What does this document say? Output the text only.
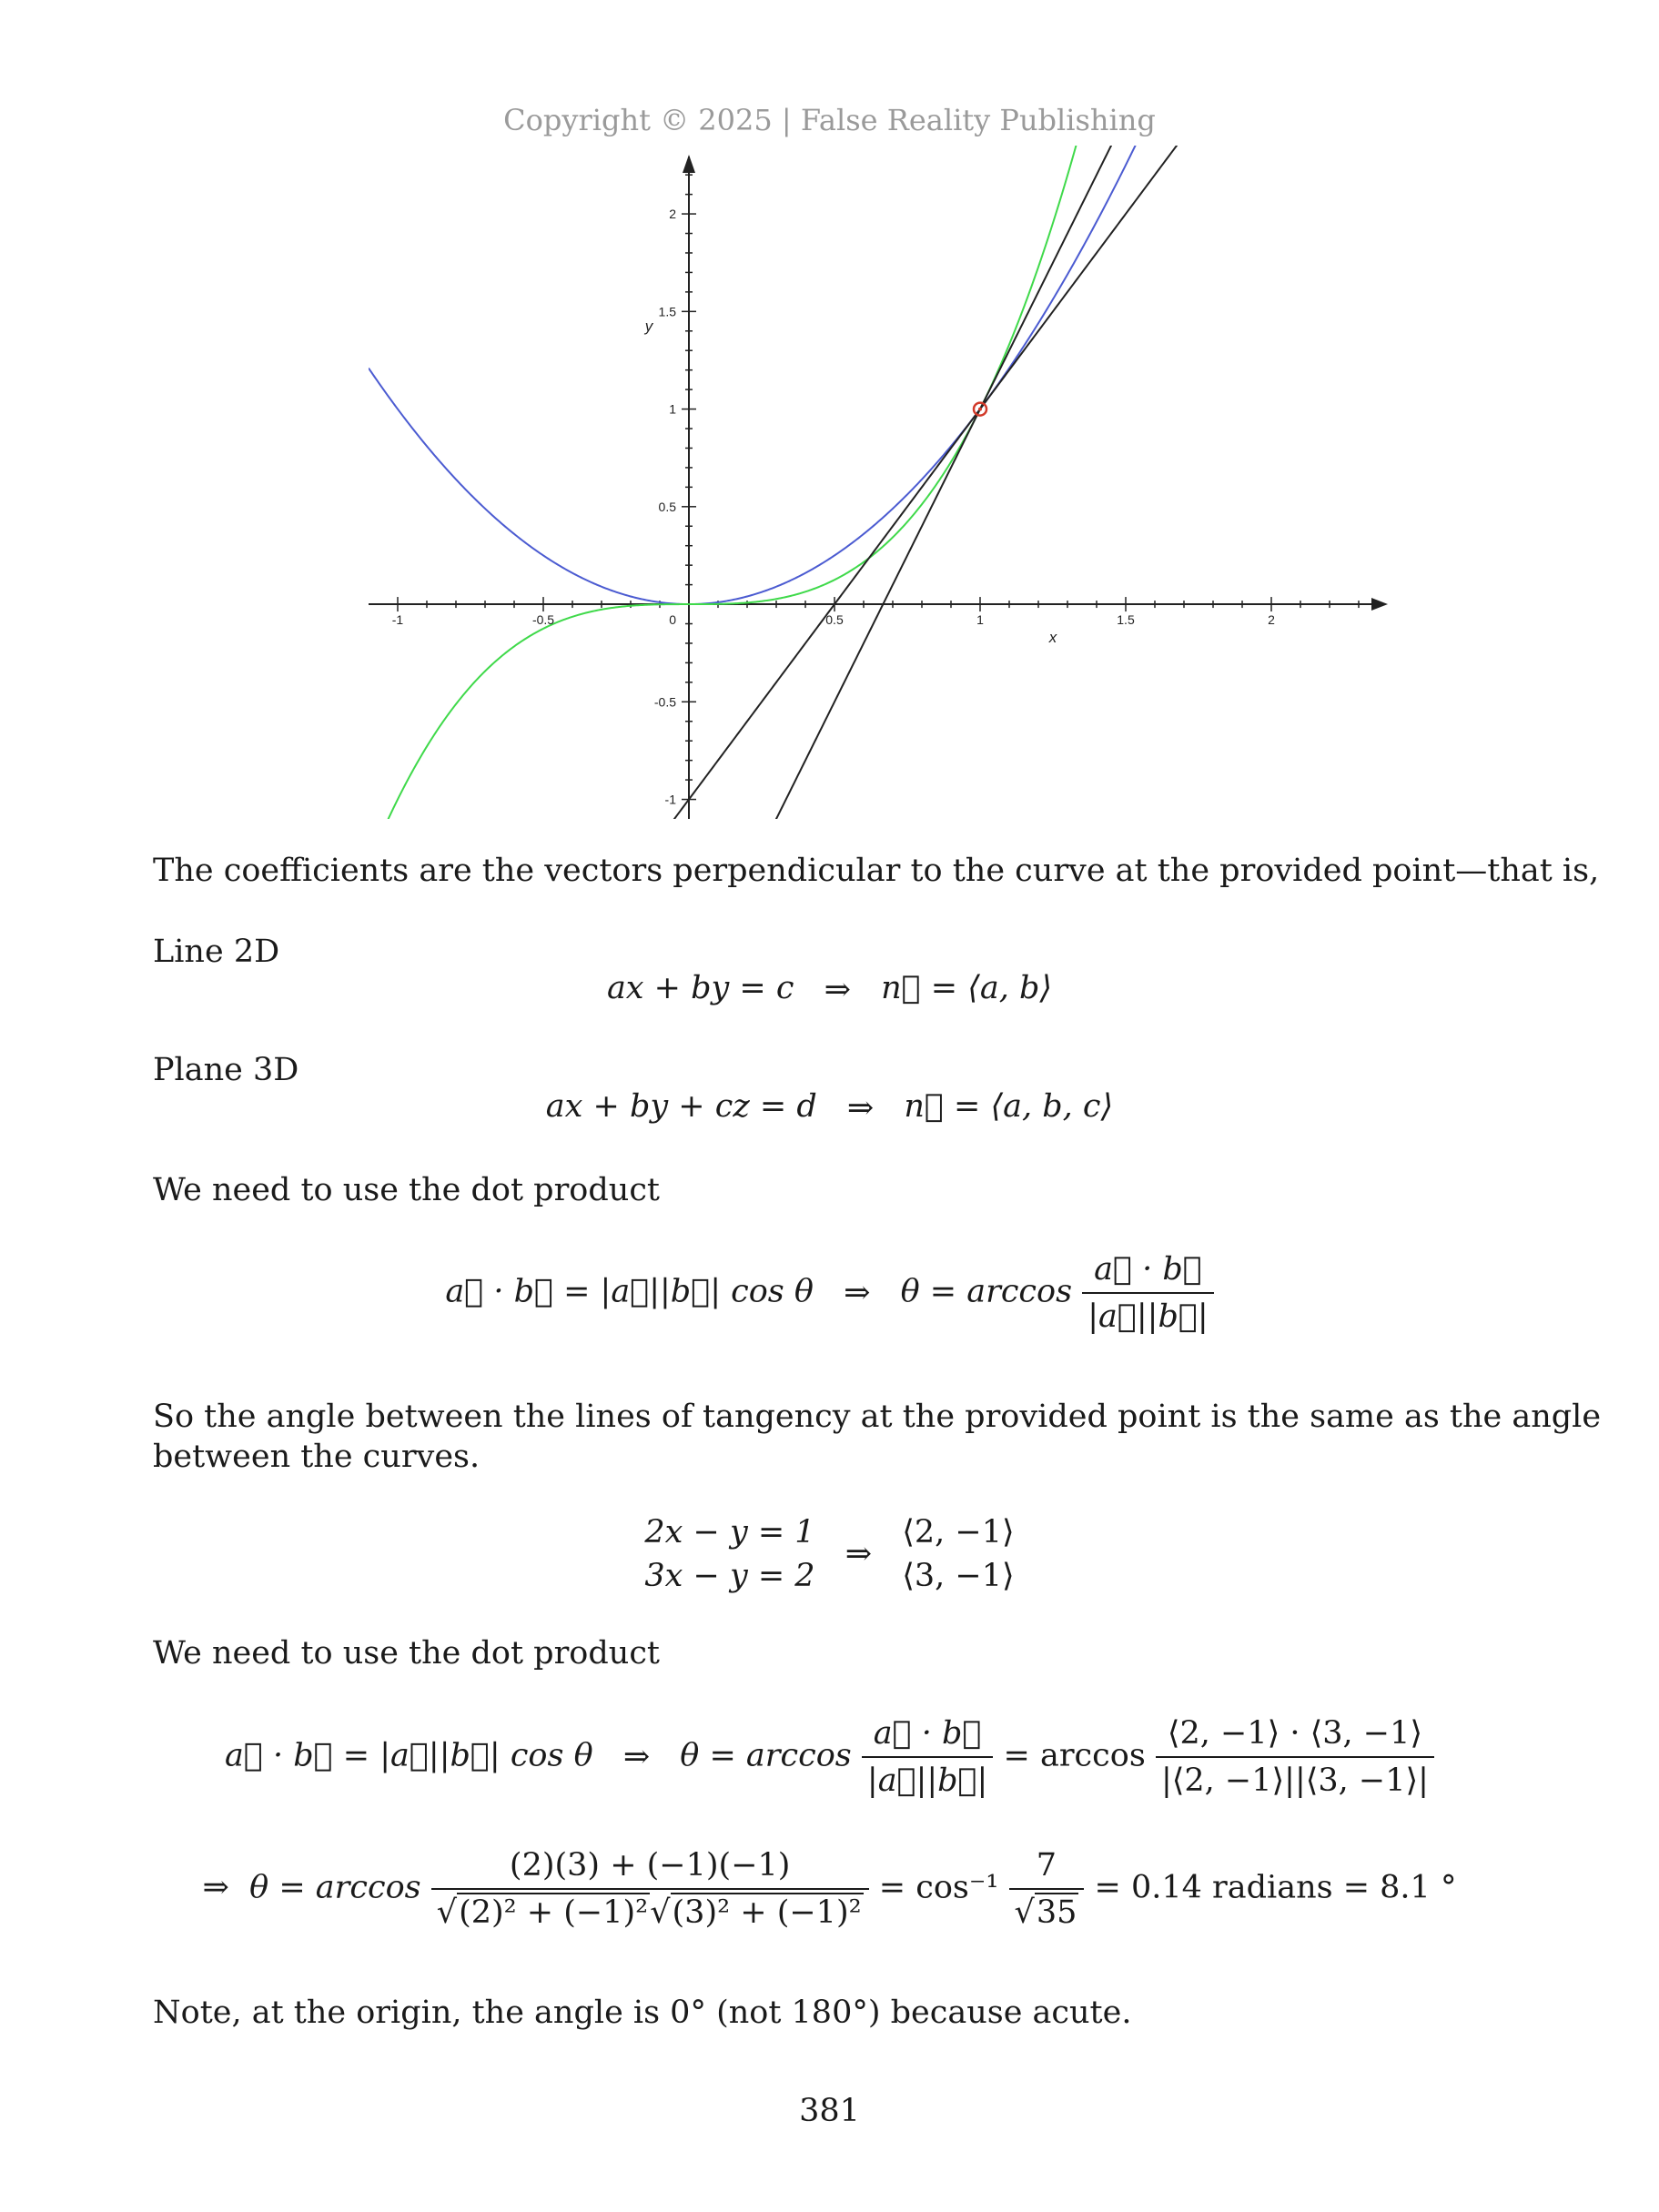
Copyright © 2025 | False Reality Publishing
-1	-0.5	0.5	1	1.5	2
2
1.5
1
0.5
-0.5
-1
0
x
y
The coefficients are the vectors perpendicular to the curve at the provided point—that is,
Line 2D
ax + by = c ⇒ n⃗ = ⟨a, b⟩
Plane 3D
ax + by + cz = d ⇒ n⃗ = ⟨a, b, c⟩
We need to use the dot product
a⃗ · b⃗ = |a⃗||b⃗| cos θ ⇒ $\theta = \arccos \frac{a⃗ \cdot b⃗}{|a⃗||b⃗|}$
So the angle between the lines of tangency at the provided point is the same as the angle between the curves.
2x − y = 1
3x − y = 2
⇒
⟨2, −1⟩
⟨3, −1⟩
We need to use the dot product
a⃗ · b⃗ = |a⃗||b⃗| cos θ ⇒ $\theta = \arccos \frac{a⃗ \cdot b⃗}{|a⃗||b⃗|} = \arccos \frac{⟨2, -1⟩ \cdot ⟨3, -1⟩}{|⟨2, -1⟩||⟨3, -1⟩|}$
⇒ $\theta = \arccos \frac{(2)(3) + (-1)(-1)}{\text{√(2)² + (−1)²√(3)² + (−1)²}} = \cos^{-1} \frac{7}{√35} = 0.14$ radians = 8.1 °
Note, at the origin, the angle is 0° (not 180°) because acute.
381
